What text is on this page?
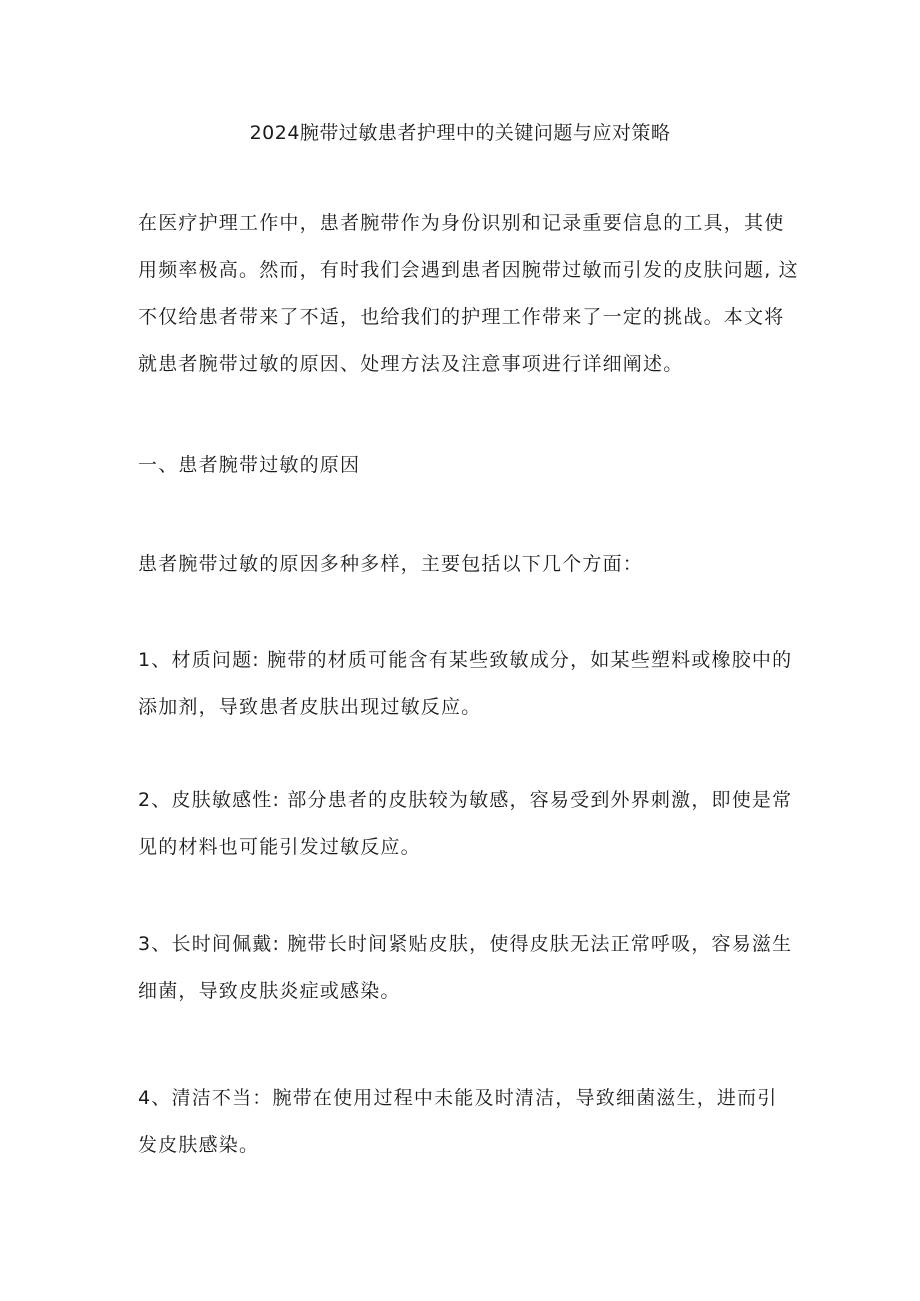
2024腕带过敏患者护理中的关键问题与应对策略
在医疗护理工作中，患者腕带作为身份识别和记录重要信息的工具，其使
用频率极高。然而，有时我们会遇到患者因腕带过敏而引发的皮肤问题, 这
不仅给患者带来了不适，也给我们的护理工作带来了一定的挑战。本文将
就患者腕带过敏的原因、处理方法及注意事项进行详细阐述。
一、患者腕带过敏的原因
患者腕带过敏的原因多种多样，主要包括以下几个方面：
1、材质问题: 腕带的材质可能含有某些致敏成分，如某些塑料或橡胶中的
添加剂，导致患者皮肤出现过敏反应。
2、皮肤敏感性: 部分患者的皮肤较为敏感，容易受到外界刺激，即使是常
见的材料也可能引发过敏反应。
3、长时间佩戴: 腕带长时间紧贴皮肤，使得皮肤无法正常呼吸，容易滋生
细菌，导致皮肤炎症或感染。
4、清洁不当：腕带在使用过程中未能及时清洁，导致细菌滋生，进而引
发皮肤感染。
